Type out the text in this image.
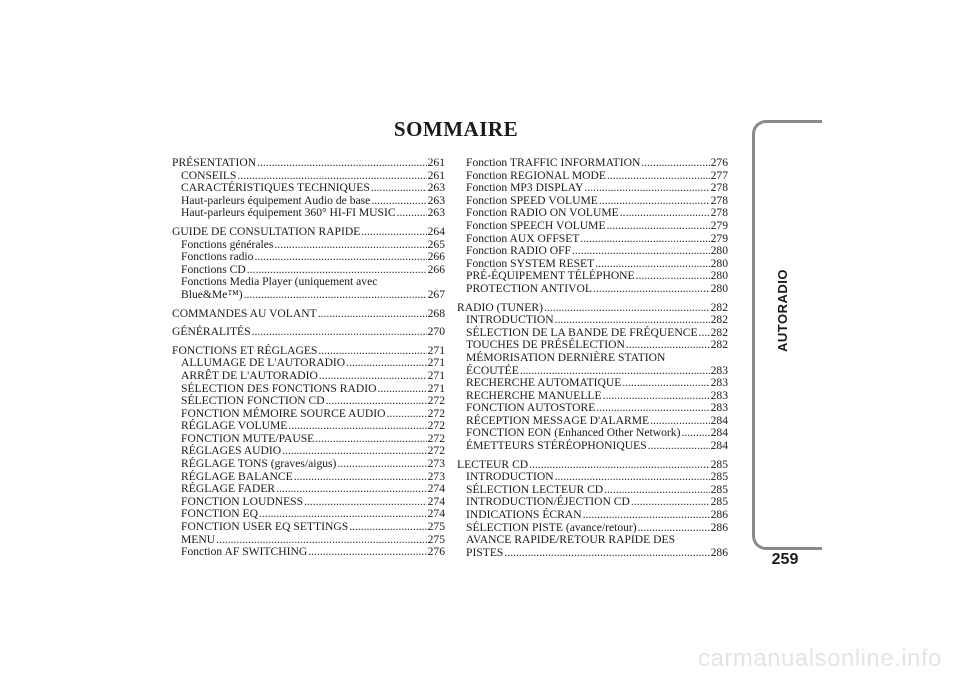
SOMMAIRE
PRÉSENTATION .....	261
CONSEILS .....	261
CARACTÉRISTIQUES TECHNIQUES .....	263
Haut-parleurs équipement Audio de base .....	263
Haut-parleurs équipement 360° HI-FI MUSIC .....	263
GUIDE DE CONSULTATION RAPIDE .....	264
Fonctions générales .....	265
Fonctions radio .....	266
Fonctions CD .....	266
Fonctions Media Player (uniquement avec
Blue&Me™) .....	267
COMMANDES AU VOLANT .....	268
GÉNÉRALITÉS .....	270
FONCTIONS ET RÉGLAGES .....	271
ALLUMAGE DE L'AUTORADIO .....	271
ARRÊT DE L'AUTORADIO .....	271
SÉLECTION DES FONCTIONS RADIO .....	271
SÉLECTION FONCTION CD .....	272
FONCTION MÉMOIRE SOURCE AUDIO .....	272
RÉGLAGE VOLUME .....	272
FONCTION MUTE/PAUSE .....	272
RÉGLAGES AUDIO .....	272
RÉGLAGE TONS (graves/aigus) .....	273
RÉGLAGE BALANCE .....	273
RÉGLAGE FADER .....	274
FONCTION LOUDNESS .....	274
FONCTION EQ .....	274
FONCTION USER EQ SETTINGS .....	275
MENU .....	275
Fonction AF SWITCHING .....	276
Fonction TRAFFIC INFORMATION .....	276
Fonction REGIONAL MODE .....	277
Fonction MP3 DISPLAY .....	278
Fonction SPEED VOLUME .....	278
Fonction RADIO ON VOLUME .....	278
Fonction SPEECH VOLUME .....	279
Fonction AUX OFFSET .....	279
Fonction RADIO OFF .....	280
Fonction SYSTEM RESET .....	280
PRÉ-ÉQUIPEMENT TÉLÉPHONE .....	280
PROTECTION ANTIVOL .....	280
RADIO (TUNER) .....	282
INTRODUCTION .....	282
SÉLECTION DE LA BANDE DE FRÉQUENCE ..... 282
TOUCHES DE PRÉSÉLECTION .....	282
MÉMORISATION DERNIÈRE STATION
ÉCOUTÉE .....	283
RECHERCHE AUTOMATIQUE .....	283
RECHERCHE MANUELLE .....	283
FONCTION AUTOSTORE .....	283
RÉCEPTION MESSAGE D'ALARME .....	284
FONCTION EON (Enhanced Other Network) .....	284
ÉMETTEURS STÉRÉOPHONIQUES .....	284
LECTEUR CD .....	285
INTRODUCTION .....	285
SÉLECTION LECTEUR CD .....	285
INTRODUCTION/ÉJECTION CD .....	285
INDICATIONS ÉCRAN .....	286
SÉLECTION PISTE (avance/retour) .....	286
AVANCE RAPIDE/RETOUR RAPIDE DES
PISTES .....	286
AUTORADIO
259
carmanualsonline.info
